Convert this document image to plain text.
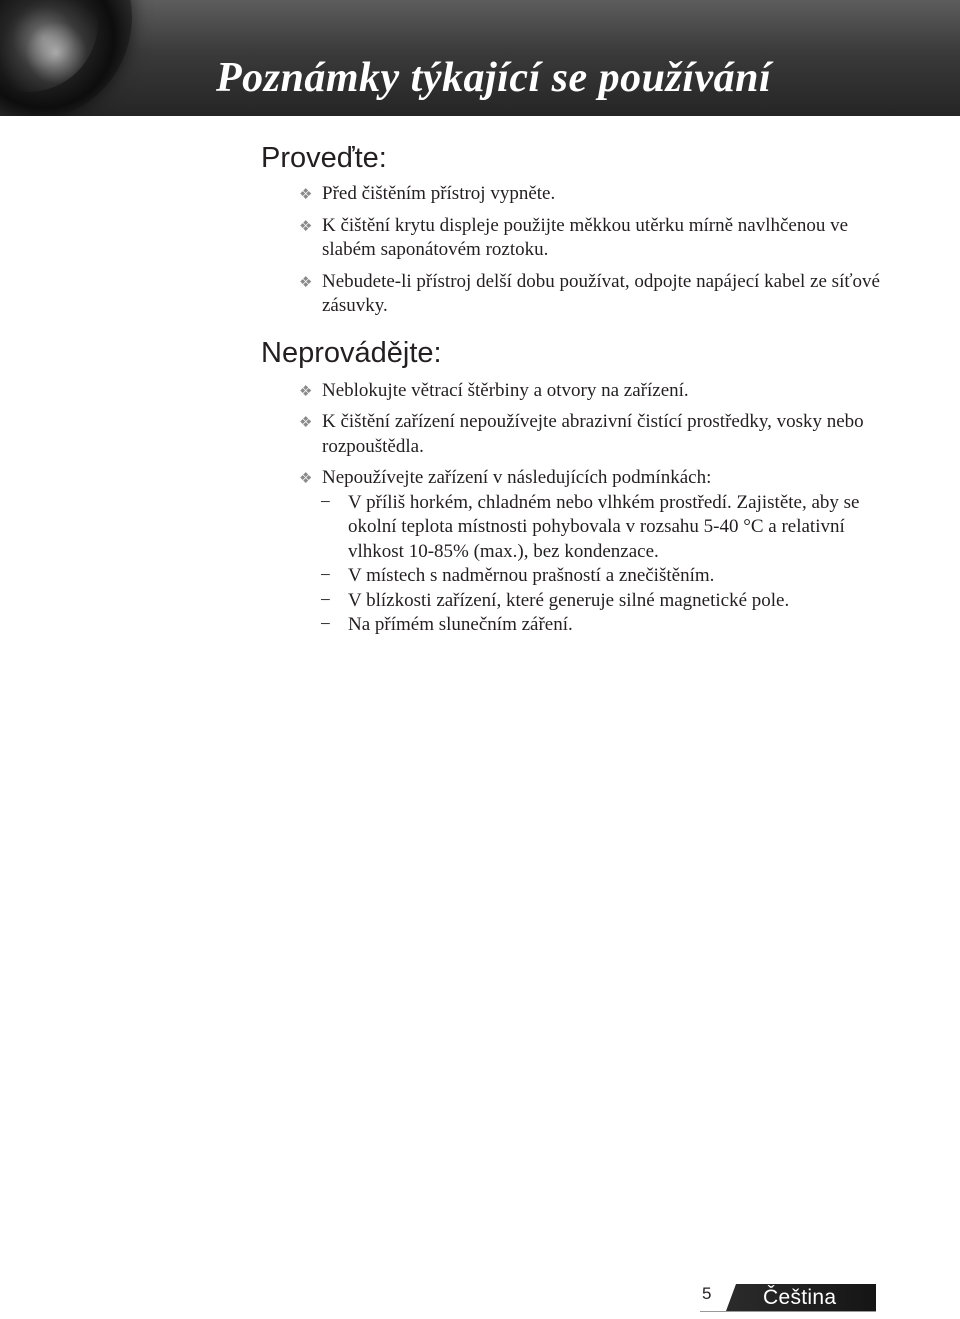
Poznámky týkající se používání
Proveďte:
❖ Před čištěním přístroj vypněte.
❖ K čištění krytu displeje použijte měkkou utěrku mírně navlhčenou ve slabém saponátovém roztoku.
❖ Nebudete-li přístroj delší dobu používat, odpojte napájecí kabel ze síťové zásuvky.
Neprovádějte:
❖ Neblokujte větrací štěrbiny a otvory na zařízení.
❖ K čištění zařízení nepoužívejte abrazivní čistící prostředky, vosky nebo rozpouštědla.
❖ Nepoužívejte zařízení v následujících podmínkách:
− V příliš horkém, chladném nebo vlhkém prostředí. Zajistěte, aby se okolní teplota místnosti pohybovala v rozsahu 5-40 °C a relativní vlhkost 10-85% (max.), bez kondenzace.
− V místech s nadměrnou prašností a znečištěním.
− V blízkosti zařízení, které generuje silné magnetické pole.
− Na přímém slunečním záření.
5 Čeština
